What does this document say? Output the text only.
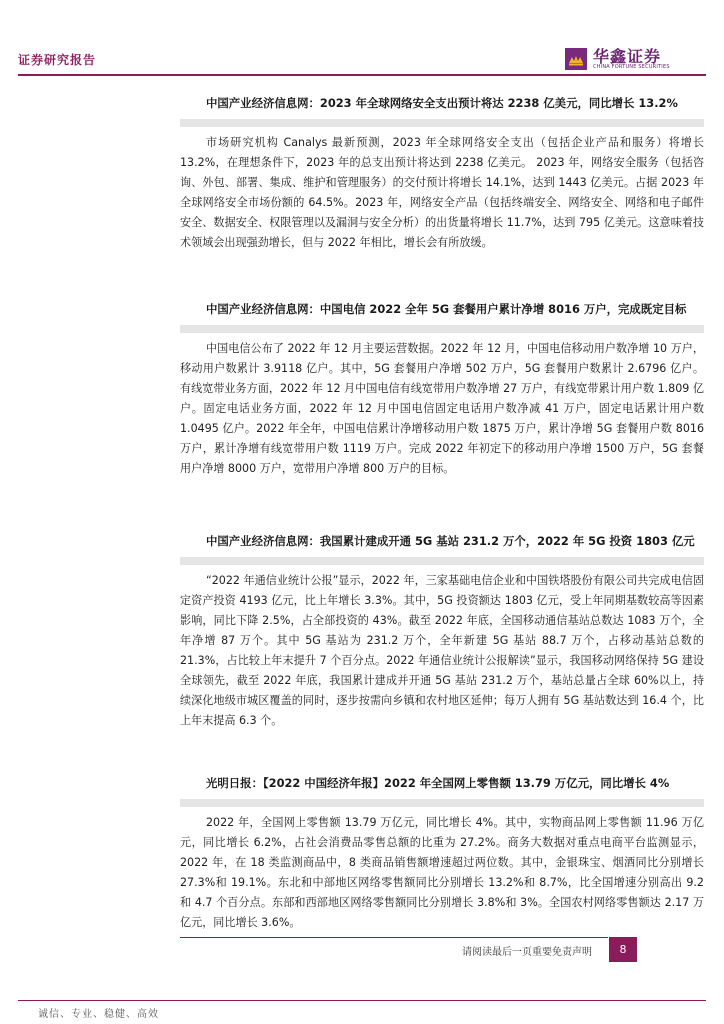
证券研究报告	华鑫证券
CHINA FORTUNE SECURITIES
中国产业经济信息网：2023 年全球网络安全支出预计将达 2238 亿美元，同比增长 13.2%

市场研究机构 Canalys 最新预测，2023 年全球网络安全支出（包括企业产品和服务）将增长 13.2%，在理想条件下，2023 年的总支出预计将达到 2238 亿美元。 2023 年，网络安全服务（包括咨询、外包、部署、集成、维护和管理服务）的交付预计将增长 14.1%，达到 1443 亿美元。占据 2023 年全球网络安全市场份额的 64.5%。2023 年，网络安全产品（包括终端安全、网络安全、网络和电子邮件安全、数据安全、权限管理以及漏洞与安全分析）的出货量将增长 11.7%，达到 795 亿美元。这意味着技术领域会出现强劲增长，但与 2022 年相比，增长会有所放缓。

中国产业经济信息网：中国电信 2022 全年 5G 套餐用户累计净增 8016 万户，完成既定目标

中国电信公布了 2022 年 12 月主要运营数据。2022 年 12 月，中国电信移动用户数净增 10 万户，移动用户数累计 3.9118 亿户。其中，5G 套餐用户净增 502 万户，5G 套餐用户数累计 2.6796 亿户。有线宽带业务方面，2022 年 12 月中国电信有线宽带用户数净增 27 万户，有线宽带累计用户数 1.809 亿户。固定电话业务方面，2022 年 12 月中国电信固定电话用户数净减 41 万户，固定电话累计用户数 1.0495 亿户。2022 年全年，中国电信累计净增移动用户数 1875 万户，累计净增 5G 套餐用户数 8016 万户，累计净增有线宽带用户数 1119 万户。完成 2022 年初定下的移动用户净增 1500 万户，5G 套餐用户净增 8000 万户，宽带用户净增 800 万户的目标。

中国产业经济信息网：我国累计建成开通 5G 基站 231.2 万个，2022 年 5G 投资 1803 亿元

“2022 年通信业统计公报”显示，2022 年，三家基础电信企业和中国铁塔股份有限公司共完成电信固定资产投资 4193 亿元，比上年增长 3.3%。其中，5G 投资额达 1803 亿元，受上年同期基数较高等因素影响，同比下降 2.5%，占全部投资的 43%。截至 2022 年底，全国移动通信基站总数达 1083 万个，全年净增 87 万个。其中 5G 基站为 231.2 万个，全年新建 5G 基站 88.7 万个，占移动基站总数的 21.3%，占比较上年末提升 7 个百分点。2022 年通信业统计公报解读”显示，我国移动网络保持 5G 建设全球领先，截至 2022 年底，我国累计建成并开通 5G 基站 231.2 万个，基站总量占全球 60%以上，持续深化地级市城区覆盖的同时，逐步按需向乡镇和农村地区延伸；每万人拥有 5G 基站数达到 16.4 个，比上年末提高 6.3 个。

光明日报：【2022 中国经济年报】2022 年全国网上零售额 13.79 万亿元，同比增长 4%

2022 年，全国网上零售额 13.79 万亿元，同比增长 4%。其中，实物商品网上零售额 11.96 万亿元，同比增长 6.2%，占社会消费品零售总额的比重为 27.2%。商务大数据对重点电商平台监测显示，2022 年，在 18 类监测商品中，8 类商品销售额增速超过两位数。其中，金银珠宝、烟酒同比分别增长 27.3%和 19.1%。东北和中部地区网络零售额同比分别增长 13.2%和 8.7%，比全国增速分别高出 9.2 和 4.7 个百分点。东部和西部地区网络零售额同比分别增长 3.8%和 3%。全国农村网络零售额达 2.17 万亿元，同比增长 3.6%。

请阅读最后一页重要免责声明	8
诚信、专业、稳健、高效
